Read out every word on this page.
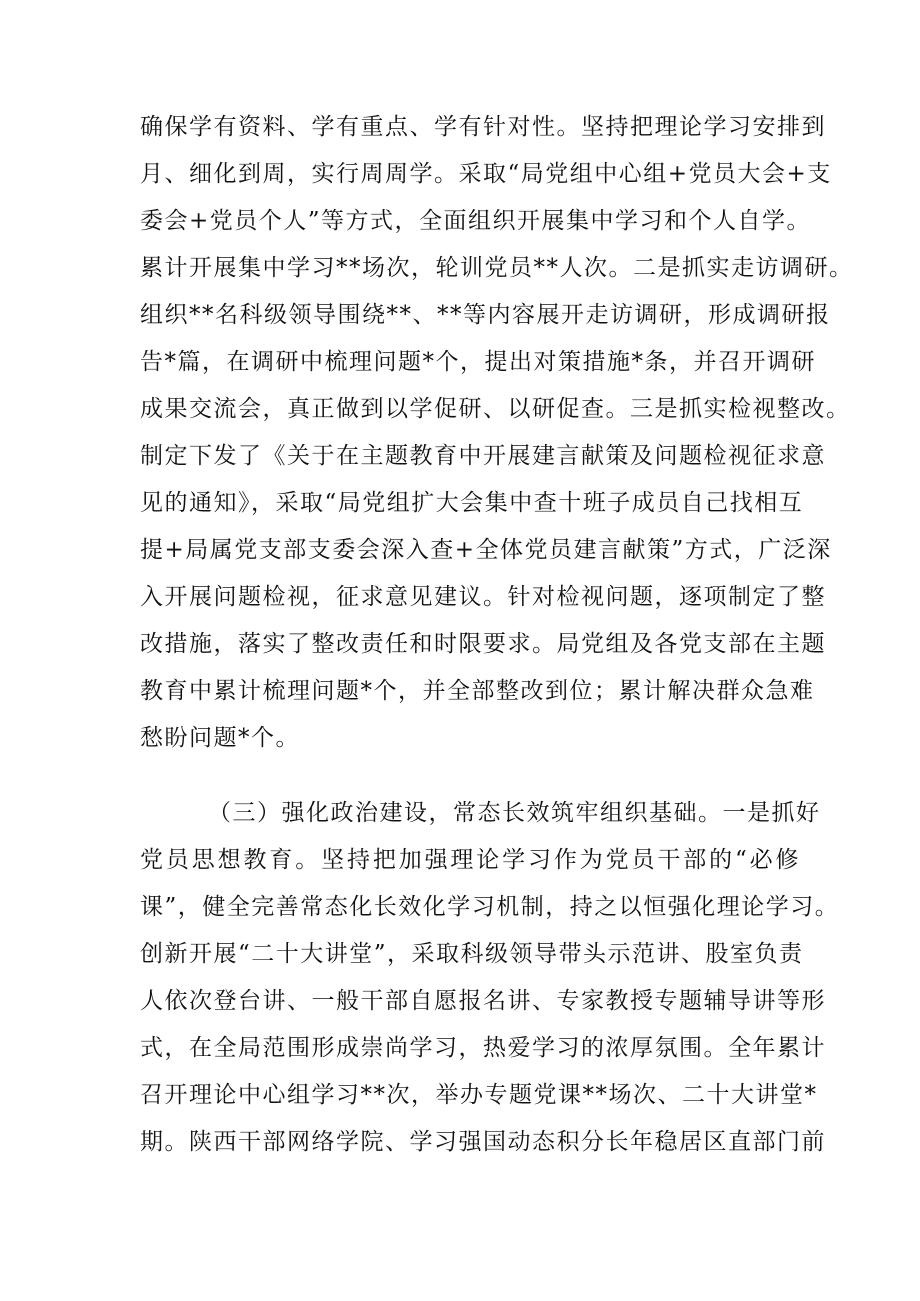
确保学有资料、学有重点、学有针对性。坚持把理论学习安排到
月、细化到周，实行周周学。采取“局党组中心组+党员大会+支
委会+党员个人”等方式，全面组织开展集中学习和个人自学。
累计开展集中学习**场次，轮训党员**人次。二是抓实走访调研。
组织**名科级领导围绕**、**等内容展开走访调研，形成调研报
告*篇，在调研中梳理问题*个，提出对策措施*条，并召开调研
成果交流会，真正做到以学促研、以研促查。三是抓实检视整改。
制定下发了《关于在主题教育中开展建言献策及问题检视征求意
见的通知》，采取“局党组扩大会集中查十班子成员自己找相互
提+局属党支部支委会深入查+全体党员建言献策”方式，广泛深
入开展问题检视，征求意见建议。针对检视问题，逐项制定了整
改措施，落实了整改责任和时限要求。局党组及各党支部在主题
教育中累计梳理问题*个，并全部整改到位；累计解决群众急难
愁盼问题*个。
（三）强化政治建设，常态长效筑牢组织基础。一是抓好
党员思想教育。坚持把加强理论学习作为党员干部的“必修
课”，健全完善常态化长效化学习机制，持之以恒强化理论学习。
创新开展“二十大讲堂”，采取科级领导带头示范讲、股室负责
人依次登台讲、一般干部自愿报名讲、专家教授专题辅导讲等形
式，在全局范围形成崇尚学习，热爱学习的浓厚氛围。全年累计
召开理论中心组学习**次，举办专题党课**场次、二十大讲堂*
期。陕西干部网络学院、学习强国动态积分长年稳居区直部门前
